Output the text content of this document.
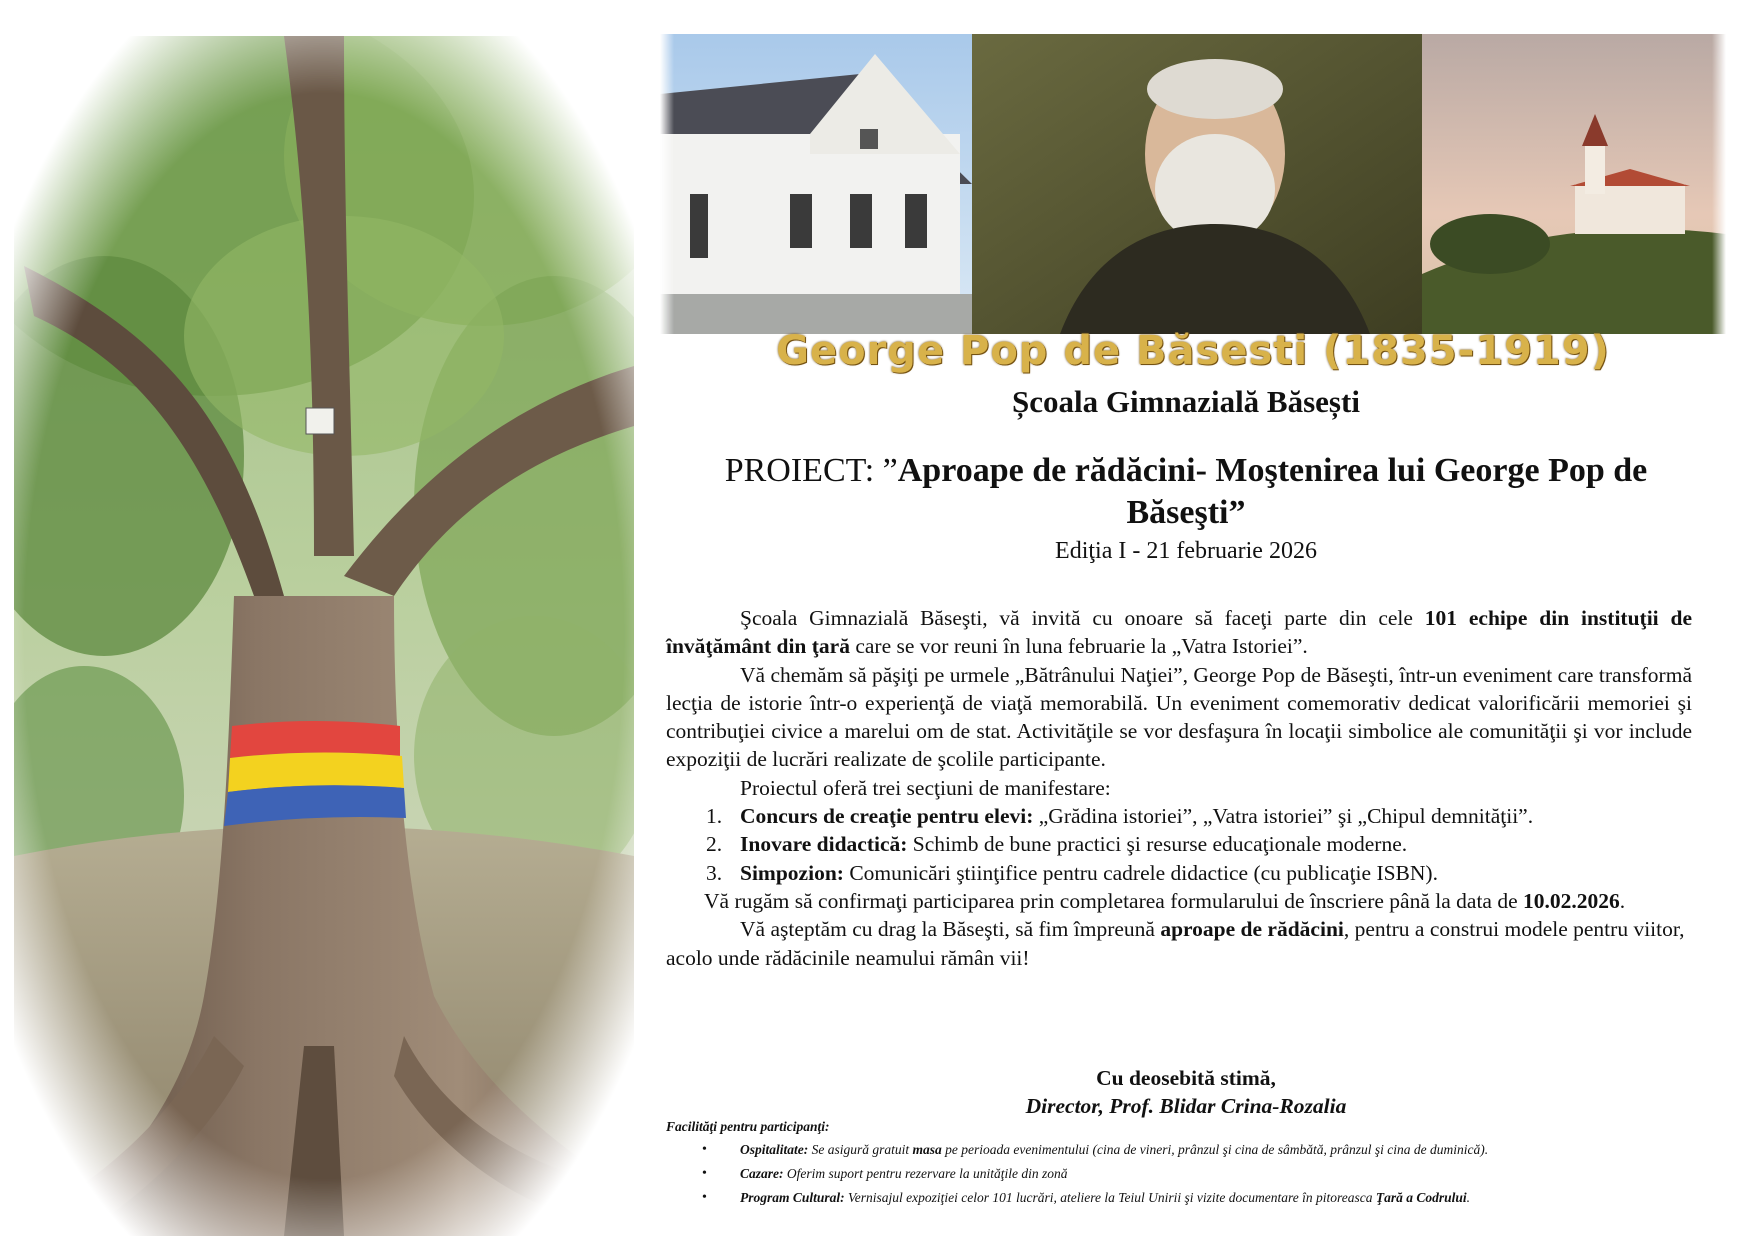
George Pop de Băsesti (1835-1919)
Școala Gimnazială Băsești
PROIECT: ”Aproape de rădăcini- Moştenirea lui George Pop de Băseşti”
Ediţia I - 21 februarie 2026

Şcoala Gimnazială Băseşti, vă invită cu onoare să faceţi parte din cele 101 echipe din instituţii de învăţământ din ţară care se vor reuni în luna februarie la „Vatra Istoriei”.

Vă chemăm să păşiţi pe urmele „Bătrânului Naţiei”, George Pop de Băseşti, într-un eveniment care transformă lecţia de istorie într-o experienţă de viaţă memorabilă. Un eveniment comemorativ dedicat valorificării memoriei şi contribuţiei civice a marelui om de stat. Activităţile se vor desfaşura în locaţii simbolice ale comunităţii şi vor include expoziţii de lucrări realizate de şcolile participante.

Proiectul oferă trei secţiuni de manifestare:

1. Concurs de creaţie pentru elevi: „Grădina istoriei”, „Vatra istoriei” şi „Chipul demnităţii”.
2. Inovare didactică: Schimb de bune practici şi resurse educaţionale moderne.
3. Simpozion: Comunicări ştiinţifice pentru cadrele didactice (cu publicaţie ISBN).

Vă rugăm să confirmaţi participarea prin completarea formularului de înscriere până la data de 10.02.2026.

Vă aşteptăm cu drag la Băseşti, să fim împreună aproape de rădăcini, pentru a construi modele pentru viitor,

acolo unde rădăcinile neamului rămân vii!

Cu deosebită stimă,
Director, Prof. Blidar Crina-Rozalia
Facilităţi pentru participanţi:
• Ospitalitate: Se asigură gratuit masa pe perioada evenimentului (cina de vineri, prânzul şi cina de sâmbătă, prânzul şi cina de duminică).
• Cazare: Oferim suport pentru rezervare la unităţile din zonă
• Program Cultural: Vernisajul expoziţiei celor 101 lucrări, ateliere la Teiul Unirii şi vizite documentare în pitoreasca Ţară a Codrului.
